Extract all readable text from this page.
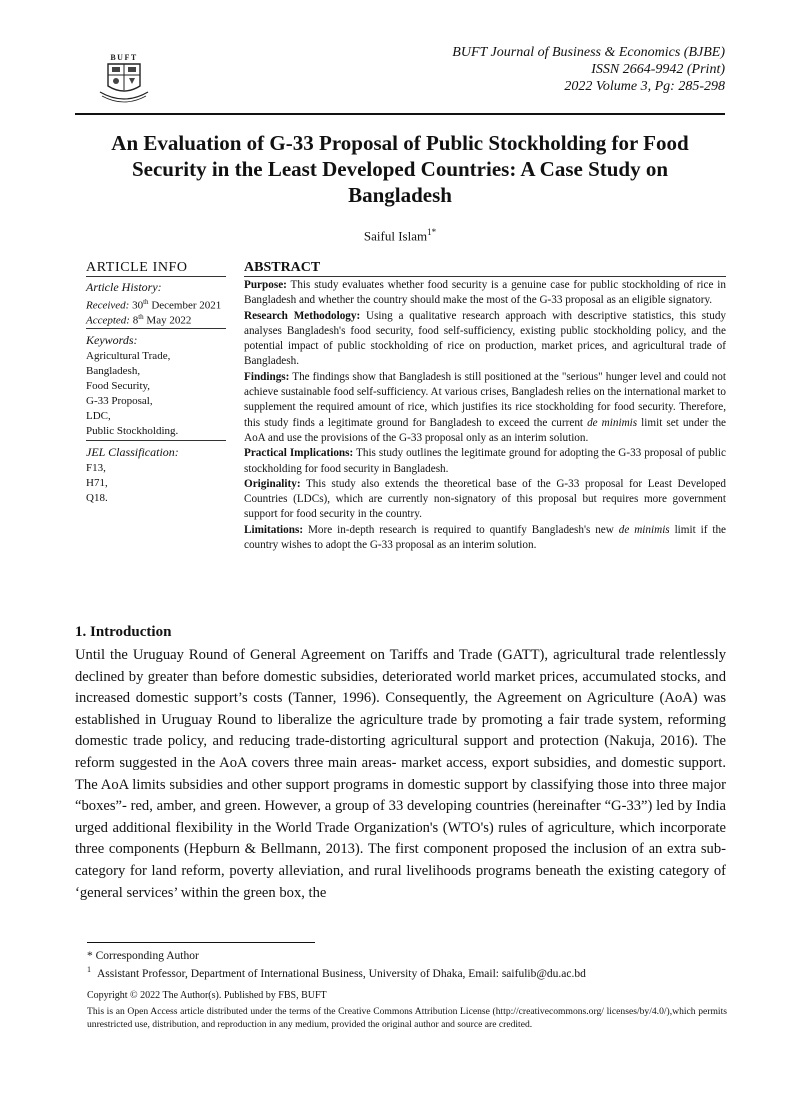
BUFT	BUFT Journal of Business & Economics (BJBE)
ISSN 2664-9942 (Print)
2022 Volume 3, Pg: 285-298
An Evaluation of G-33 Proposal of Public Stockholding for Food Security in the Least Developed Countries: A Case Study on Bangladesh
Saiful Islam$^{1*}$
ARTICLE INFO
Article History:
Received: 30th December 2021
Accepted: 8th May 2022
Keywords:
Agricultural Trade,
Bangladesh,
Food Security,
G-33 Proposal,
LDC,
Public Stockholding.
JEL Classification:
F13,
H71,
Q18.
ABSTRACT

Purpose: This study evaluates whether food security is a genuine case for public stockholding of rice in Bangladesh and whether the country should make the most of the G-33 proposal as an eligible signatory.

Research Methodology: Using a qualitative research approach with descriptive statistics, this study analyses Bangladesh's food security, food self-sufficiency, existing public stockholding policy, and the potential impact of public stockholding of rice on production, market prices, and agricultural trade of Bangladesh.

Findings: The findings show that Bangladesh is still positioned at the "serious" hunger level and could not achieve sustainable food self-sufficiency. At various crises, Bangladesh relies on the international market to supplement the required amount of rice, which justifies its rice stockholding for food security. Therefore, this study finds a legitimate ground for Bangladesh to exceed the current de minimis limit set under the AoA and use the provisions of the G-33 proposal only as an interim solution.

Practical Implications: This study outlines the legitimate ground for adopting the G-33 proposal of public stockholding for food security in Bangladesh.

Originality: This study also extends the theoretical base of the G-33 proposal for Least Developed Countries (LDCs), which are currently non-signatory of this proposal but requires more government support for food security in the country.

Limitations: More in-depth research is required to quantify Bangladesh's new de minimis limit if the country wishes to adopt the G-33 proposal as an interim solution.

1. Introduction
Until the Uruguay Round of General Agreement on Tariffs and Trade (GATT), agricultural trade relentlessly declined by greater than before domestic subsidies, deteriorated world market prices, accumulated stocks, and increased domestic support’s costs (Tanner, 1996). Consequently, the Agreement on Agriculture (AoA) was established in Uruguay Round to liberalize the agriculture trade by promoting a fair trade system, reforming domestic trade policy, and reducing trade-distorting agricultural support and protection (Nakuja, 2016). The reform suggested in the AoA covers three main areas- market access, export subsidies, and domestic support. The AoA limits subsidies and other support programs in domestic support by classifying those into three major “boxes”- red, amber, and green. However, a group of 33 developing countries (hereinafter “G-33”) led by India urged additional flexibility in the World Trade Organization's (WTO's) rules of agriculture, which incorporate three components (Hepburn & Bellmann, 2013). The first component proposed the inclusion of an extra sub-category for land reform, poverty alleviation, and rural livelihoods programs beneath the existing category of ‘general services’ within the green box, the
* Corresponding Author
$^1$ Assistant Professor, Department of International Business, University of Dhaka, Email: saifulib@du.ac.bd
Copyright © 2022 The Author(s). Published by FBS, BUFT
This is an Open Access article distributed under the terms of the Creative Commons Attribution License (http://creativecommons.org/ licenses/by/4.0/),which permits unrestricted use, distribution, and reproduction in any medium, provided the original author and source are credited.
